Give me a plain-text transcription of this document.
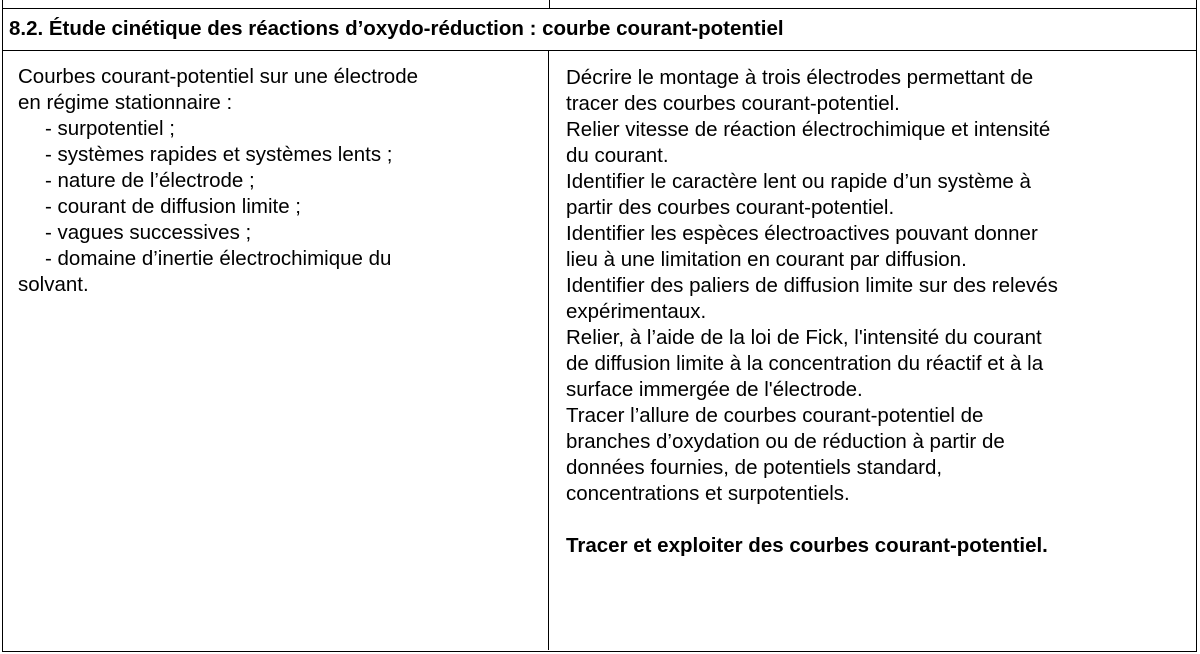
8.2. Étude cinétique des réactions d’oxydo-réduction : courbe courant-potentiel

Courbes courant-potentiel sur une électrode
en régime stationnaire :
- surpotentiel ;
- systèmes rapides et systèmes lents ;
- nature de l’électrode ;
- courant de diffusion limite ;
- vagues successives ;
- domaine d’inertie électrochimique du
solvant.
Décrire le montage à trois électrodes permettant de
tracer des courbes courant-potentiel.
Relier vitesse de réaction électrochimique et intensité
du courant.
Identifier le caractère lent ou rapide d’un système à
partir des courbes courant-potentiel.
Identifier les espèces électroactives pouvant donner
lieu à une limitation en courant par diffusion.
Identifier des paliers de diffusion limite sur des relevés
expérimentaux.
Relier, à l’aide de la loi de Fick, l'intensité du courant
de diffusion limite à la concentration du réactif et à la
surface immergée de l'électrode.
Tracer l’allure de courbes courant-potentiel de
branches d’oxydation ou de réduction à partir de
données fournies, de potentiels standard,
concentrations et surpotentiels.
Tracer et exploiter des courbes courant-potentiel.
